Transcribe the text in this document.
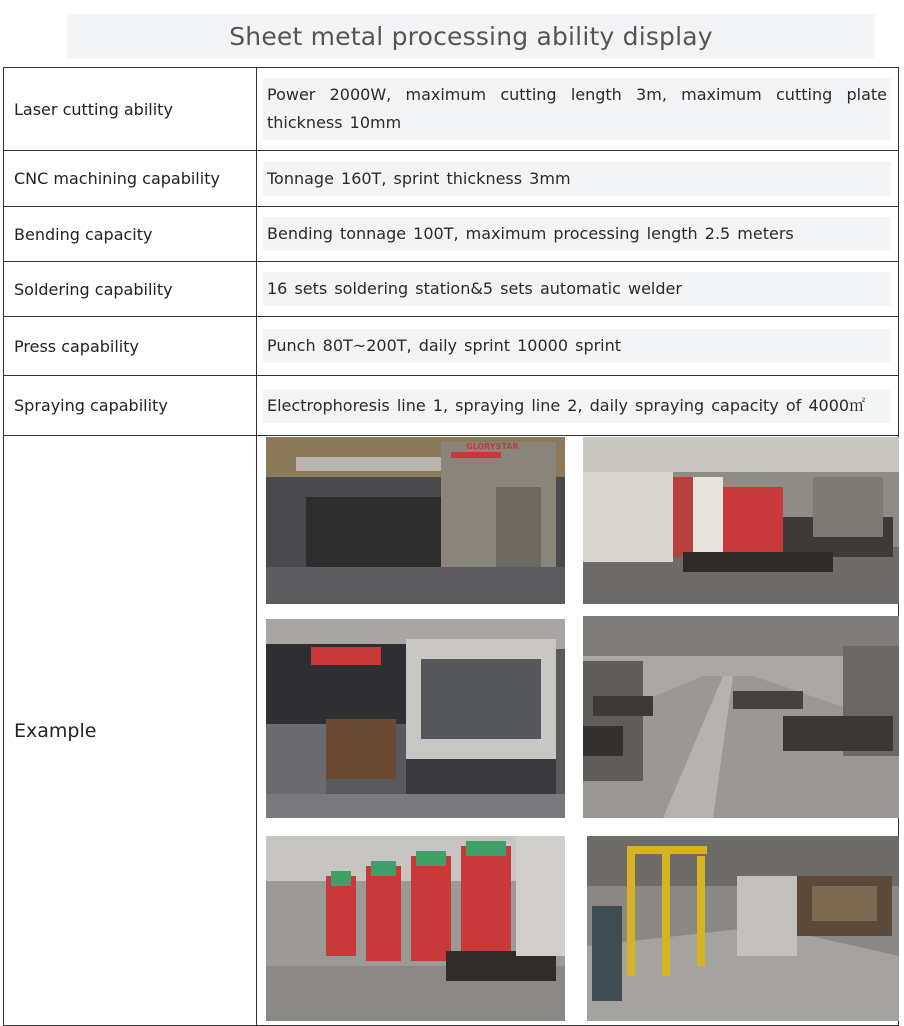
Sheet metal processing ability display
Laser cutting ability	Power 2000W, maximum cutting length 3m, maximum cutting plate thickness 10mm

CNC machining capability	Tonnage 160T, sprint thickness 3mm

Bending capacity	Bending tonnage 100T, maximum processing length 2.5 meters

Soldering capability	16 sets soldering station&5 sets automatic welder

Press capability	Punch 80T~200T, daily sprint 10000 sprint

Spraying capability	Electrophoresis line 1, spraying line 2, daily spraying capacity of 4000㎡

Example	GLORYSTAR
